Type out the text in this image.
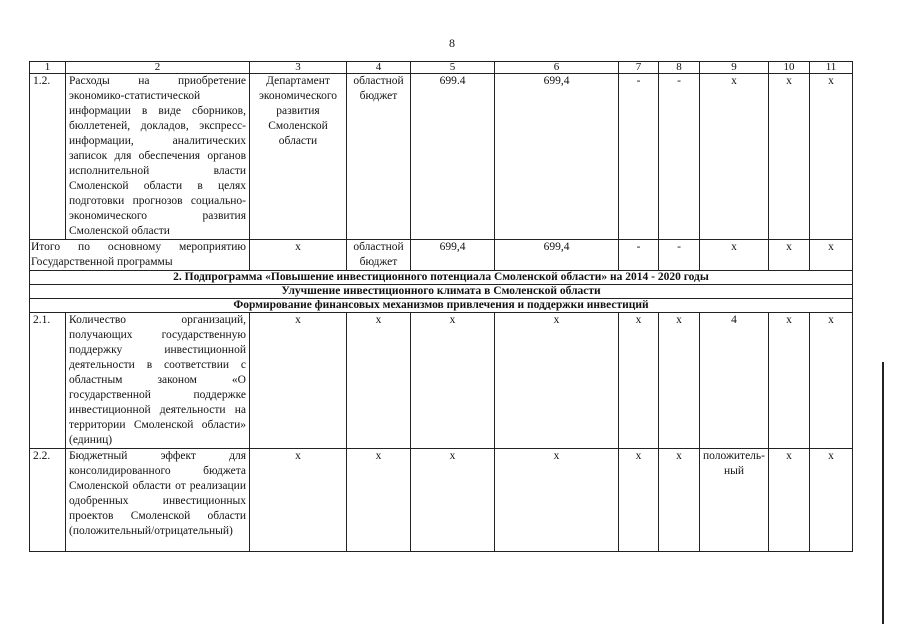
8
1	2	3	4	5	6	7	8	9	10	11
1.2.	Расходы на приобретение экономико-статистической информации в виде сборников, бюллетеней, докладов, экспресс-информации, аналитических записок для обеспечения органов исполнительной власти Смоленской области в целях подготовки прогнозов социально-экономического развития Смоленской области	Департамент экономического развития Смоленской области	областной бюджет	699.4	699,4	-	-	x	x	x
Итого по основному мероприятию Государственной программы		x	областной бюджет	699,4	699,4	-	-	x	x	x
2. Подпрограмма «Повышение инвестиционного потенциала Смоленской области» на 2014 - 2020 годы										
Улучшение инвестиционного климата в Смоленской области										
Формирование финансовых механизмов привлечения и поддержки инвестиций										
2.1.	Количество организаций, получающих государственную поддержку инвестиционной деятельности в соответствии с областным законом «О государственной поддержке инвестиционной деятельности на территории Смоленской области» (единиц)	x	x	x	x	x	x	4	x	x
2.2.	Бюджетный эффект для консолидированного бюджета Смоленской области от реализации одобренных инвестиционных проектов Смоленской области (положительный/отрицательный)	x	x	x	x	x	x	положитель-ный	x	x
